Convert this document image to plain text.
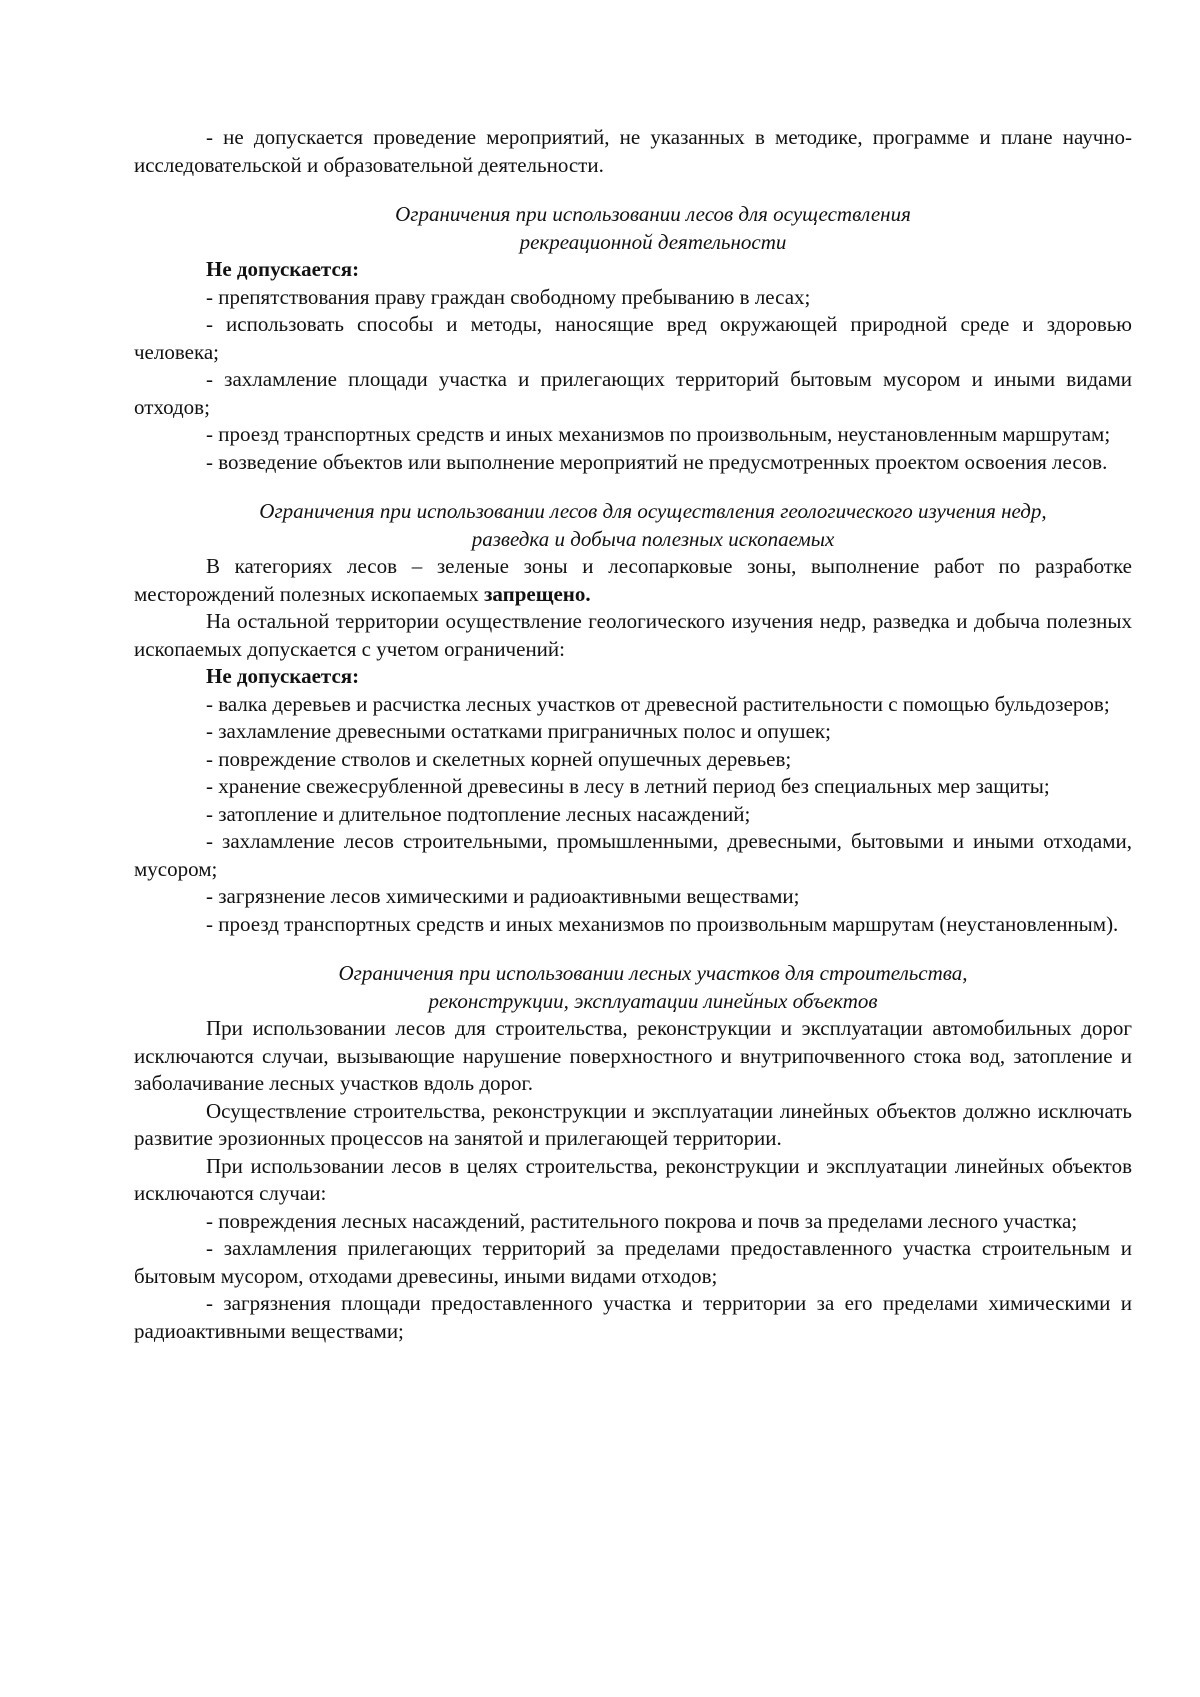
- не допускается проведение мероприятий, не указанных в методике, программе и плане научно-исследовательской и образовательной деятельности.

Ограничения при использовании лесов для осуществления
рекреационной деятельности

Не допускается:

- препятствования праву граждан свободному пребыванию в лесах;

- использовать способы и методы, наносящие вред окружающей природной среде и здоровью человека;

- захламление площади участка и прилегающих территорий бытовым мусором и иными видами отходов;

- проезд транспортных средств и иных механизмов по произвольным, неустановленным маршрутам;

- возведение объектов или выполнение мероприятий не предусмотренных проектом освоения лесов.

Ограничения при использовании лесов для осуществления геологического изучения недр,
разведка и добыча полезных ископаемых

В категориях лесов – зеленые зоны и лесопарковые зоны, выполнение работ по разработке месторождений полезных ископаемых запрещено.

На остальной территории осуществление геологического изучения недр, разведка и добыча полезных ископаемых допускается с учетом ограничений:

Не допускается:

- валка деревьев и расчистка лесных участков от древесной растительности с помощью бульдозеров;

- захламление древесными остатками приграничных полос и опушек;

- повреждение стволов и скелетных корней опушечных деревьев;

- хранение свежесрубленной древесины в лесу в летний период без специальных мер защиты;

- затопление и длительное подтопление лесных насаждений;

- захламление лесов строительными, промышленными, древесными, бытовыми и иными отходами, мусором;

- загрязнение лесов химическими и радиоактивными веществами;

- проезд транспортных средств и иных механизмов по произвольным маршрутам (неустановленным).

Ограничения при использовании лесных участков для строительства,
реконструкции, эксплуатации линейных объектов

При использовании лесов для строительства, реконструкции и эксплуатации автомобильных дорог исключаются случаи, вызывающие нарушение поверхностного и внутрипочвенного стока вод, затопление и заболачивание лесных участков вдоль дорог.

Осуществление строительства, реконструкции и эксплуатации линейных объектов должно исключать развитие эрозионных процессов на занятой и прилегающей территории.

При использовании лесов в целях строительства, реконструкции и эксплуатации линейных объектов исключаются случаи:

- повреждения лесных насаждений, растительного покрова и почв за пределами лесного участка;

- захламления прилегающих территорий за пределами предоставленного участка строительным и бытовым мусором, отходами древесины, иными видами отходов;

- загрязнения площади предоставленного участка и территории за его пределами химическими и радиоактивными веществами;
